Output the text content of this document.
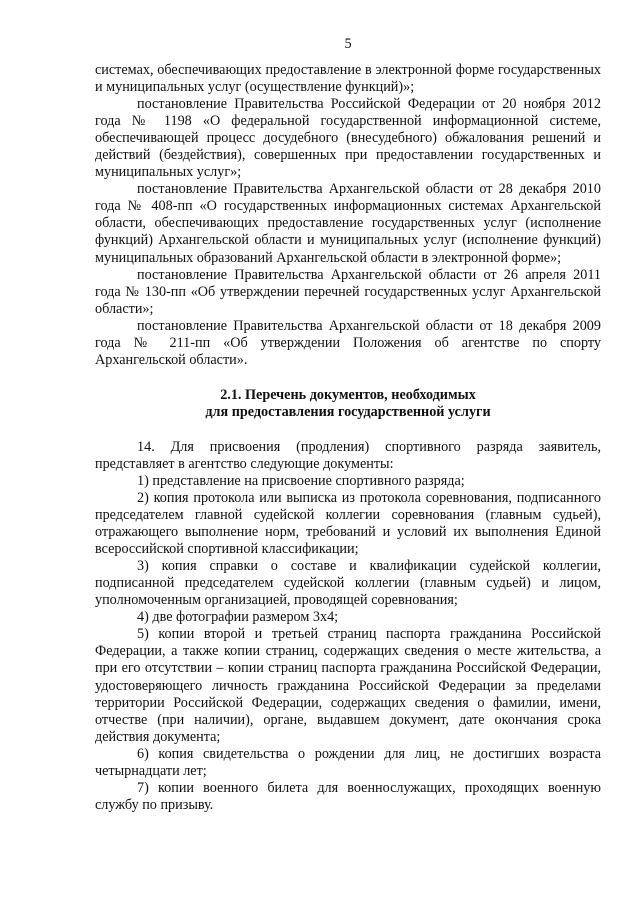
5

системах, обеспечивающих предоставление в электронной форме государственных и муниципальных услуг (осуществление функций)»;

постановление Правительства Российской Федерации от 20 ноября 2012 года № 1198 «О федеральной государственной информационной системе, обеспечивающей процесс досудебного (внесудебного) обжалования решений и действий (бездействия), совершенных при предоставлении государственных и муниципальных услуг»;

постановление Правительства Архангельской области от 28 декабря 2010 года № 408-пп «О государственных информационных системах Архангельской области, обеспечивающих предоставление государственных услуг (исполнение функций) Архангельской области и муниципальных услуг (исполнение функций) муниципальных образований Архангельской области в электронной форме»;

постановление Правительства Архангельской области от 26 апреля 2011 года № 130-пп «Об утверждении перечней государственных услуг Архангельской области»;

постановление Правительства Архангельской области от 18 декабря 2009 года № 211-пп «Об утверждении Положения об агентстве по спорту Архангельской области».

2.1. Перечень документов, необходимых
для предоставления государственной услуги

14. Для присвоения (продления) спортивного разряда заявитель, представляет в агентство следующие документы:

1) представление на присвоение спортивного разряда;

2) копия протокола или выписка из протокола соревнования, подписанного председателем главной судейской коллегии соревнования (главным судьей), отражающего выполнение норм, требований и условий их выполнения Единой всероссийской спортивной классификации;

3) копия справки о составе и квалификации судейской коллегии, подписанной председателем судейской коллегии (главным судьей) и лицом, уполномоченным организацией, проводящей соревнования;

4) две фотографии размером 3х4;

5) копии второй и третьей страниц паспорта гражданина Российской Федерации, а также копии страниц, содержащих сведения о месте жительства, а при его отсутствии – копии страниц паспорта гражданина Российской Федерации, удостоверяющего личность гражданина Российской Федерации за пределами территории Российской Федерации, содержащих сведения о фамилии, имени, отчестве (при наличии), органе, выдавшем документ, дате окончания срока действия документа;

6) копия свидетельства о рождении для лиц, не достигших возраста четырнадцати лет;

7) копии военного билета для военнослужащих, проходящих военную службу по призыву.
